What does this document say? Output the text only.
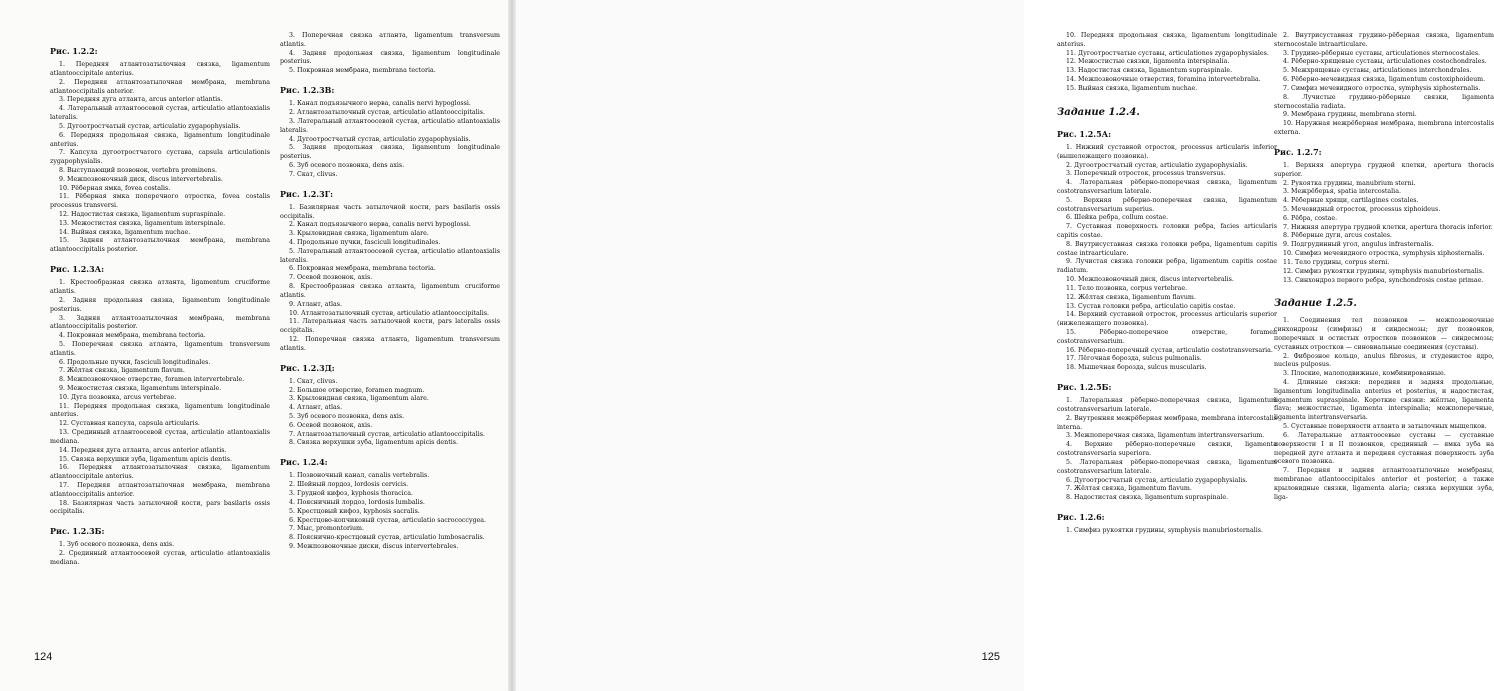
Рис. 1.2.2:

1. Передняя атлантозатылочная связка, ligamentum atlantooccipitale anterius.

2. Передняя атлантозатылочная мембрана, membrana atlantooccipitalis anterior.

3. Передняя дуга атланта, arcus anterior atlantis.

4. Латеральный атлантоосевой сустав, articulatio atlantoaxialis lateralis.

5. Дугоотростчатый сустав, articulatio zygapophysialis.

6. Передняя продольная связка, ligamentum longitudinale anterius.

7. Капсула дугоотростчатого сустава, capsula articulationis zygapophysialis.

8. Выступающий позвонок, vertebra prominens.

9. Межпозвоночный диск, discus intervertebralis.

10. Рёберная ямка, fovea costalis.

11. Рёберная ямка поперечного отростка, fovea costalis processus transversi.

12. Надостистая связка, ligamentum supraspinale.

13. Межостистая связка, ligamentum interspinale.

14. Выйная связка, ligamentum nuchae.

15. Задняя атлантозатылочная мембрана, membrana atlantooccipitalis posterior.

Рис. 1.2.3А:

1. Крестообразная связка атланта, ligamentum cruciforme atlantis.

2. Задняя продольная связка, ligamentum longitudinale posterius.

3. Задняя атлантозатылочная мембрана, membrana atlantooccipitalis posterior.

4. Покровная мембрана, membrana tectoria.

5. Поперечная связка атланта, ligamentum transversum atlantis.

6. Продольные пучки, fasciculi longitudinales.

7. Жёлтая связка, ligamentum flavum.

8. Межпозвоночное отверстие, foramen intervertebrale.

9. Межостистая связка, ligamentum interspinale.

10. Дуга позвонка, arcus vertebrae.

11. Передняя продольная связка, ligamentum longitudinale anterius.

12. Суставная капсула, capsula articularis.

13. Срединный атлантоосевой сустав, articulatio atlantoaxialis mediana.

14. Передняя дуга атланта, arcus anterior atlantis.

15. Связка верхушки зуба, ligamentum apicis dentis.

16. Передняя атлантозатылочная связка, ligamentum atlantooccipitale anterius.

17. Передняя атлантозатылочная мембрана, membrana atlantooccipitalis anterior.

18. Базилярная часть затылочной кости, pars basilaris ossis occipitalis.

Рис. 1.2.3Б:

1. Зуб осевого позвонка, dens axis.

2. Срединный атлантоосевой сустав, articulatio atlantoaxialis mediana.

3. Поперечная связка атланта, ligamentum transversum atlantis.

4. Задняя продольная связка, ligamentum longitudinale posterius.

5. Покровная мембрана, membrana tectoria.

Рис. 1.2.3В:

1. Канал подъязычного нерва, canalis nervi hypoglossi.

2. Атлантозатылочный сустав, articulatio atlantooccipitalis.

3. Латеральный атлантоосевой сустав, articulatio atlantoaxialis lateralis.

4. Дугоотростчатый сустав, articulatio zygapophysialis.

5. Задняя продольная связка, ligamentum longitudinale posterius.

6. Зуб осевого позвонка, dens axis.

7. Скат, clivus.

Рис. 1.2.3Г:

1. Базилярная часть затылочной кости, pars basilaris ossis occipitalis.

2. Канал подъязычного нерва, canalis nervi hypoglossi.

3. Крыловидная связка, ligamentum alare.

4. Продольные пучки, fasciculi longitudinales.

5. Латеральный атлантоосевой сустав, articulatio atlantoaxialis lateralis.

6. Покровная мембрана, membrana tectoria.

7. Осевой позвонок, axis.

8. Крестообразная связка атланта, ligamentum cruciforme atlantis.

9. Атлант, atlas.

10. Атлантозатылочный сустав, articulatio atlantooccipitalis.

11. Латеральная часть затылочной кости, pars lateralis ossis occipitalis.

12. Поперечная связка атланта, ligamentum transversum atlantis.

Рис. 1.2.3Д:

1. Скат, clivus.

2. Большое отверстие, foramen magnum.

3. Крыловидная связка, ligamentum alare.

4. Атлант, atlas.

5. Зуб осевого позвонка, dens axis.

6. Осевой позвонок, axis.

7. Атлантозатылочный сустав, articulatio atlantooccipitalis.

8. Связка верхушки зуба, ligamentum apicis dentis.

Рис. 1.2.4:

1. Позвоночный канал, canalis vertebralis.

2. Шейный лордоз, lordosis cervicis.

3. Грудной кифоз, kyphosis thoracica.

4. Поясничный лордоз, lordosis lumbalis.

5. Крестцовый кифоз, kyphosis sacralis.

6. Крестцово-копчиковый сустав, articulatio sacrococcygea.

7. Мыс, promontorium.

8. Пояснично-крестцовый сустав, articulatio lumbosacralis.

9. Межпозвоночные диски, discus intervertebrales.

124

10. Передняя продольная связка, ligamentum longitudinale anterius.

11. Дугоотростчатые суставы, articulationes zygapophysiales.

12. Межостистые связки, ligamenta interspinalia.

13. Надостистая связка, ligamentum supraspinale.

14. Межпозвоночные отверстия, foramina intervertebralia.

15. Выйная связка, ligamentum nuchae.

Задание 1.2.4.

Рис. 1.2.5А:

1. Нижний суставной отросток, processus articularis inferior (вышележащего позвонка).

2. Дугоотростчатый сустав, articulatio zygapophysialis.

3. Поперечный отросток, processus transversus.

4. Латеральная рёберно-поперечная связка, ligamentum costotransversarium laterale.

5. Верхняя рёберно-поперечная связка, ligamentum costotransversarium superius.

6. Шейка ребра, collum costae.

7. Суставная поверхность головки ребра, facies articularis capitis costae.

8. Внутрисуставная связка головки ребра, ligamentum capitis costae intraarticulare.

9. Лучистая связка головки ребра, ligamentum capitis costae radiatum.

10. Межпозвоночный диск, discus intervertebralis.

11. Тело позвонка, corpus vertebrae.

12. Жёлтая связка, ligamentum flavum.

13. Сустав головки ребра, articulatio capitis costae.

14. Верхний суставной отросток, processus articularis superior (нижележащего позвонка).

15. Рёберно-поперечное отверстие, foramen costotransversarium.

16. Рёберно-поперечный сустав, articulatio costotransversaria.

17. Лёгочная борозда, sulcus pulmonalis.

18. Мышечная борозда, sulcus muscularis.

Рис. 1.2.5Б:

1. Латеральная рёберно-поперечная связка, ligamentum costotransversarium laterale.

2. Внутренняя межрёберная мембрана, membrana intercostalis interna.

3. Межпоперечная связка, ligamentum intertransversarium.

4. Верхние рёберно-поперечные связки, ligamenta costotransversaria superiora.

5. Латеральная рёберно-поперечная связка, ligamentum costotransversarium laterale.

6. Дугоотростчатый сустав, articulatio zygapophysialis.

7. Жёлтая связка, ligamentum flavum.

8. Надостистая связка, ligamentum supraspinale.

Рис. 1.2.6:

1. Симфиз рукоятки грудины, symphysis manubriosternalis.

2. Внутрисуставная грудино-рёберная связка, ligamentum sternocostale intraarticulare.

3. Грудино-рёберные суставы, articulationes sternocostales.

4. Рёберно-хрящевые суставы, articulationes costochondrales.

5. Межхрящевые суставы, articulationes interchondrales.

6. Рёберно-мечевидная связка, ligamentum costoxiphoideum.

7. Симфиз мечевидного отростка, symphysis xiphosternalis.

8. Лучистые грудино-рёберные связки, ligamenta sternocostalia radiata.

9. Мембрана грудины, membrana sterni.

10. Наружная межрёберная мембрана, membrana intercostalis externa.

Рис. 1.2.7:

1. Верхняя апертура грудной клетки, apertura thoracis superior.

2. Рукоятка грудины, manubrium sterni.

3. Межрёберья, spatia intercostalia.

4. Рёберные хрящи, cartilagines costales.

5. Мечевидный отросток, processus xiphoideus.

6. Рёбра, costae.

7. Нижняя апертура грудной клетки, apertura thoracis inferior.

8. Рёберные дуги, arcus costales.

9. Подгрудинный угол, angulus infrasternalis.

10. Симфиз мечевидного отростка, symphysis xiphosternalis.

11. Тело грудины, corpus sterni.

12. Симфиз рукоятки грудины, symphysis manubriosternalis.

13. Синхондроз первого ребра, synchondrosis costae primae.

Задание 1.2.5.

1. Соединения тел позвонков — межпозвоночные синхондрозы (симфизы) и синдесмозы; дуг позвонков, поперечных и остистых отростков позвонков — синдесмозы; суставных отростков — синовиальные соединения (суставы).

2. Фиброзное кольцо, anulus fibrosus, и студенистое ядро, nucleus pulposus.

3. Плоские, малоподвижные, комбинированные.

4. Длинные связки: передняя и задняя продольные, ligamentum longitudinalia anterius et posterius, и надостистая, ligamentum supraspinale. Короткие связки: жёлтые, ligamenta flava; межостистые, ligamenta interspinalia; межпоперечные, ligamenta intertransversaria.

5. Суставные поверхности атланта и затылочных мыщелков.

6. Латеральные атлантоосевые суставы — суставные поверхности I и II позвонков, срединный — ямка зуба на передней дуге атланта и передняя суставная поверхность зуба осевого позвонка.

7. Передняя и задняя атлантозатылочные мембраны, membranae atlantooccipitales anterior et posterior, а также крыловидные связки, ligamenta alaria; связка верхушки зуба, liga-

125
